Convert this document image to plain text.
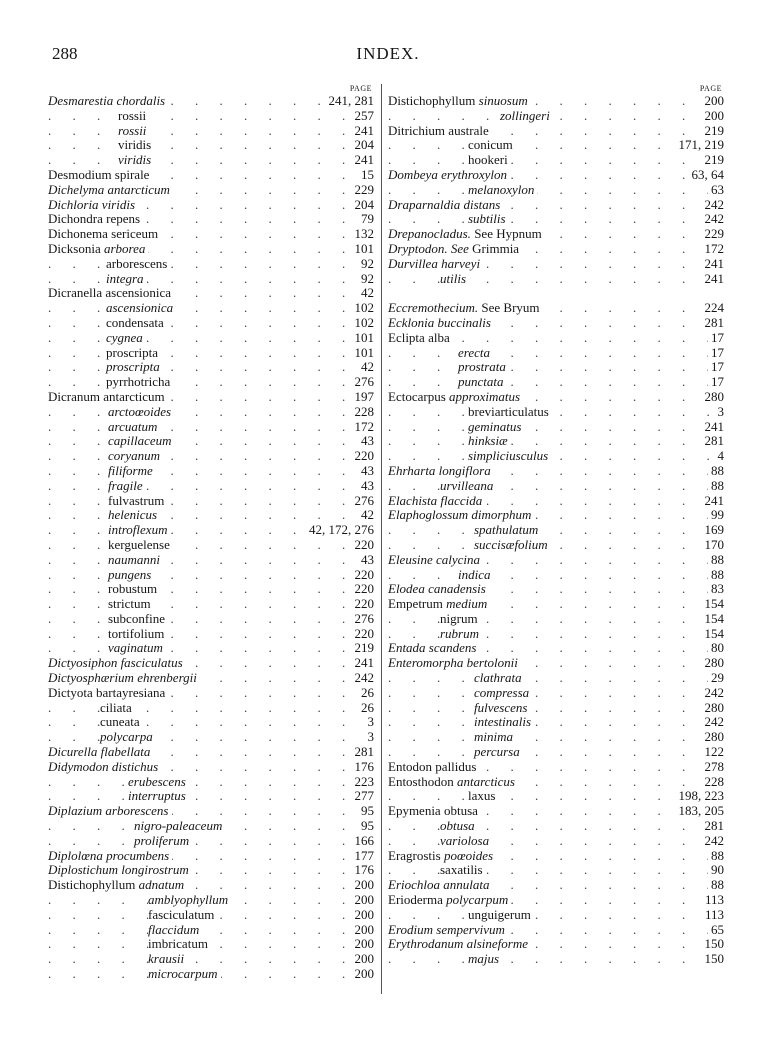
288	INDEX.
PAGE
. . .
Desmarestia chordalis	241, 281
. . .
rossii	257
. . .
rossii	241
. . .
viridis	204
. . .
viridis	241
. . .
Desmodium spirale	15
. . .
Dichelyma antarcticum	229
. . .
Dichloria viridis	204
. . .
Dichondra repens	79
. . .
Dichonema sericeum	132
. . .
Dicksonia arborea	101
. . .
arborescens	92
. . .
integra	92
. . .
Dicranella ascensionica	42
. . .
ascensionica	102
. . .
condensata	102
. . .
cygnea	101
. . .
proscripta	101
. . .
proscripta	42
. . .
pyrrhotricha	276
. . .
Dicranum antarcticum	197
. . .
arctoœoides	228
. . .
arcuatum	172
. . .
capillaceum	43
. . .
coryanum	220
. . .
filiforme	43
. . .
fragile	43
. . .
fulvastrum	276
. . .
helenicus	42
. . .
introflexum	42, 172, 276
. . .
kerguelense	220
. . .
naumanni	43
. . .
pungens	220
. . .
robustum	220
. . .
strictum	220
. . .
subconfine	276
. . .
tortifolium	220
. . .
vaginatum	219
. . .
Dictyosiphon fasciculatus	241
. . .
Dictyosphærium ehrenbergii	242
. . .
Dictyota bartayresiana	26
. . .
ciliata	26
. . .
cuneata	3
. . .
polycarpa	3
. . .
Dicurella flabellata	281
. . .
Didymodon distichus	176
. . .
erubescens	223
. . .
interruptus	277
. . .
Diplazium arborescens	95
. . .
nigro-paleaceum	95
. . .
proliferum	166
. . .
Diplolœna procumbens	177
. . .
Diplostichum longirostrum	176
. . .
Distichophyllum adnatum	200
. . .
amblyophyllum	200
. . .
fasciculatum	200
. . .
flaccidum	200
. . .
imbricatum	200
. . .
krausii	200
. . .
microcarpum	200
PAGE
. . .
Distichophyllum sinuosum	200
. . .
zollingeri	200
. . .
Ditrichium australe	219
. . .
conicum	171, 219
. . .
hookeri	219
. . .
Dombeya erythroxylon	63, 64
. . .
melanoxylon	63
. . .
Draparnaldia distans	242
. . .
subtilis	242
. . .
Drepanocladus. See Hypnum	229
. . .
Dryptodon. See Grimmia	172
. . .
Durvillea harveyi	241
. . .
utilis	241
. . .
Eccremothecium. See Bryum	224
. . .
Ecklonia buccinalis	281
. . .
Eclipta alba	17
. . .
erecta	17
. . .
prostrata	17
. . .
punctata	17
. . .
Ectocarpus approximatus	280
. . .
breviarticulatus	3
. . .
geminatus	241
. . .
hinksiæ	281
. . .
simpliciusculus	4
. . .
Ehrharta longiflora	88
. . .
urvilleana	88
. . .
Elachista flaccida	241
. . .
Elaphoglossum dimorphum	99
. . .
spathulatum	169
. . .
succisæfolium	170
. . .
Eleusine calycina	88
. . .
indica	88
. . .
Elodea canadensis	83
. . .
Empetrum medium	154
. . .
nigrum	154
. . .
rubrum	154
. . .
Entada scandens	80
. . .
Enteromorpha bertolonii	280
. . .
clathrata	29
. . .
compressa	242
. . .
fulvescens	280
. . .
intestinalis	242
. . .
minima	280
. . .
percursa	122
. . .
Entodon pallidus	278
. . .
Entosthodon antarcticus	228
. . .
laxus	198, 223
. . .
Epymenia obtusa	183, 205
. . .
obtusa	281
. . .
variolosa	242
. . .
Eragrostis poœoides	88
. . .
saxatilis	90
. . .
Eriochloa annulata	88
. . .
Erioderma polycarpum	113
. . .
unguigerum	113
. . .
Erodium sempervivum	65
. . .
Erythrodanum alsineforme	150
. . .
majus	150
